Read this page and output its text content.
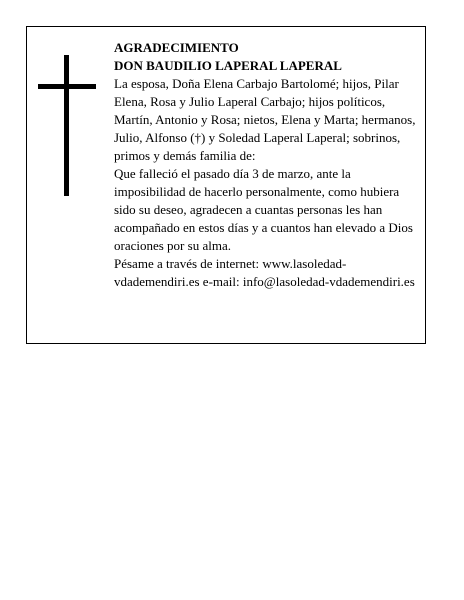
AGRADECIMIENTO

DON BAUDILIO LAPERAL LAPERAL

La esposa, Doña Elena Carbajo Bartolomé; hijos, Pilar Elena, Rosa y Julio Laperal Carbajo; hijos políticos, Martín, Antonio y Rosa; nietos, Elena y Marta; hermanos, Julio, Alfonso (†) y Soledad Laperal Laperal; sobrinos, primos y demás familia de:

Que falleció el pasado día 3 de marzo, ante la imposibilidad de hacerlo personalmente, como hubiera sido su deseo, agradecen a cuantas personas les han acompañado en estos días y a cuantos han elevado a Dios oraciones por su alma.

Pésame a través de internet: www.lasoledad-vdademendiri.es e-mail: info@lasoledad-vdademendiri.es
